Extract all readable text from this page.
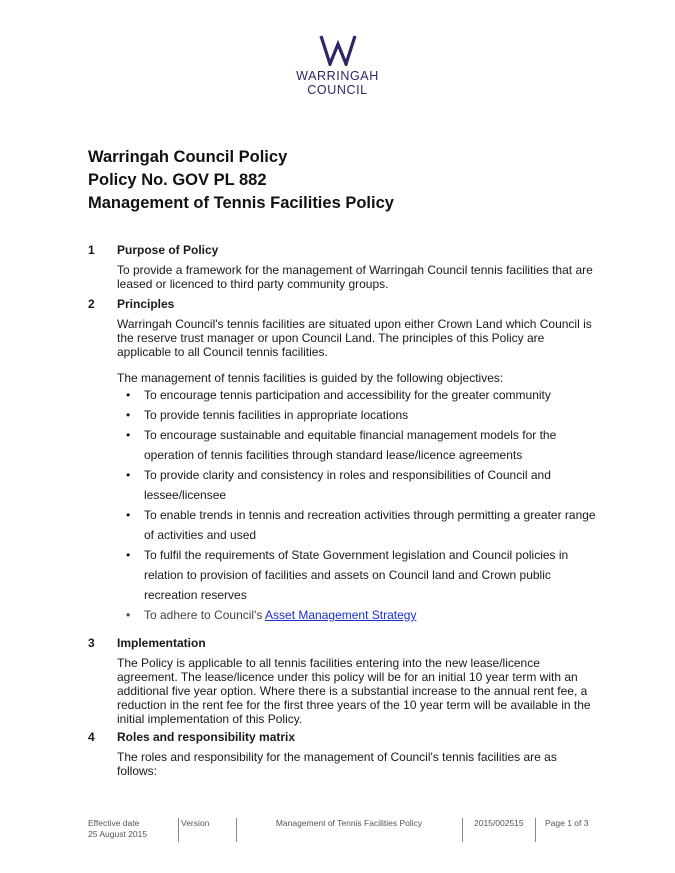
WARRINGAH
COUNCIL
Warringah Council Policy
Policy No. GOV PL 882
Management of Tennis Facilities Policy
1	Purpose of Policy

To provide a framework for the management of Warringah Council tennis facilities that are leased or licenced to third party community groups.

2	Principles

Warringah Council's tennis facilities are situated upon either Crown Land which Council is the reserve trust manager or upon Council Land. The principles of this Policy are applicable to all Council tennis facilities.

The management of tennis facilities is guided by the following objectives:

• To encourage tennis participation and accessibility for the greater community
• To provide tennis facilities in appropriate locations
• To encourage sustainable and equitable financial management models for the operation of tennis facilities through standard lease/licence agreements
• To provide clarity and consistency in roles and responsibilities of Council and lessee/licensee
• To enable trends in tennis and recreation activities through permitting a greater range of activities and used
• To fulfil the requirements of State Government legislation and Council policies in relation to provision of facilities and assets on Council land and Crown public recreation reserves
• To adhere to Council's Asset Management Strategy
3	Implementation

The Policy is applicable to all tennis facilities entering into the new lease/licence agreement. The lease/licence under this policy will be for an initial 10 year term with an additional five year option. Where there is a substantial increase to the annual rent fee, a reduction in the rent fee for the first three years of the 10 year term will be available in the initial implementation of this Policy.

4	Roles and responsibility matrix

The roles and responsibility for the management of Council's tennis facilities are as follows:

Effective date
25 August 2015
Version	Management of Tennis Facilities Policy	2015/002515	Page 1 of 3
